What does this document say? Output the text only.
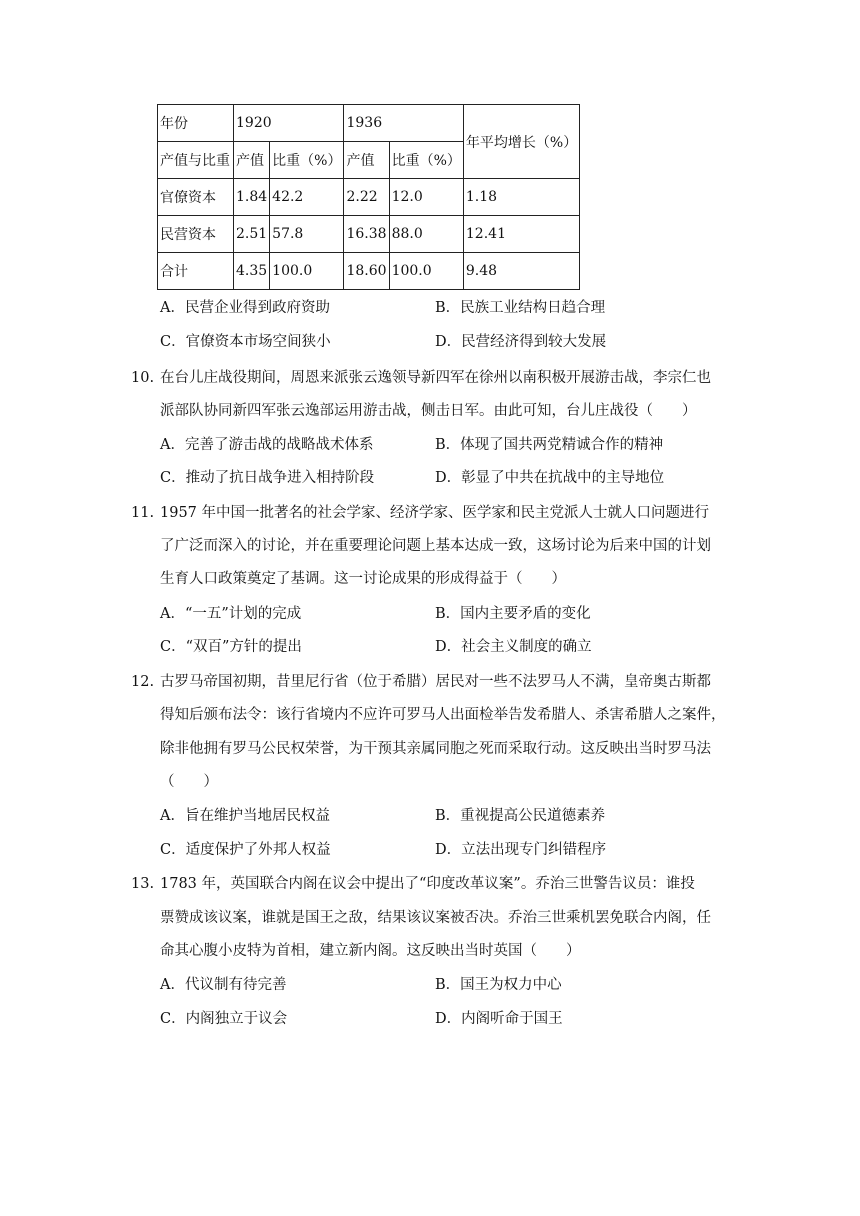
年份	1920		1936		年平均增长（%）
产值与比重	产值	比重（%）	产值	比重（%）	
官僚资本	1.84	42.2	2.22	12.0	1.18
民营资本	2.51	57.8	16.38	88.0	12.41
合计	4.35	100.0	18.60	100.0	9.48
A．民营企业得到政府资助	B．民族工业结构日趋合理
C．官僚资本市场空间狭小	D．民营经济得到较大发展
10. 在台儿庄战役期间，周恩来派张云逸领导新四军在徐州以南积极开展游击战，李宗仁也
派部队协同新四军张云逸部运用游击战，侧击日军。由此可知，台儿庄战役（　　）
A．完善了游击战的战略战术体系	B．体现了国共两党精诚合作的精神
C．推动了抗日战争进入相持阶段	D．彰显了中共在抗战中的主导地位
11. 1957 年中国一批著名的社会学家、经济学家、医学家和民主党派人士就人口问题进行
了广泛而深入的讨论，并在重要理论问题上基本达成一致，这场讨论为后来中国的计划
生育人口政策奠定了基调。这一讨论成果的形成得益于（　　）
A．“一五”计划的完成	B．国内主要矛盾的变化
C．“双百”方针的提出	D．社会主义制度的确立
12. 古罗马帝国初期，昔里尼行省（位于希腊）居民对一些不法罗马人不满，皇帝奥古斯都
得知后颁布法令：该行省境内不应许可罗马人出面检举告发希腊人、杀害希腊人之案件，
除非他拥有罗马公民权荣誉，为干预其亲属同胞之死而采取行动。这反映出当时罗马法
（　　）
A．旨在维护当地居民权益	B．重视提高公民道德素养
C．适度保护了外邦人权益	D．立法出现专门纠错程序
13. 1783 年，英国联合内阁在议会中提出了“印度改革议案”。乔治三世警告议员：谁投
票赞成该议案，谁就是国王之敌，结果该议案被否决。乔治三世乘机罢免联合内阁，任
命其心腹小皮特为首相，建立新内阁。这反映出当时英国（　　）
A．代议制有待完善	B．国王为权力中心
C．内阁独立于议会	D．内阁听命于国王
